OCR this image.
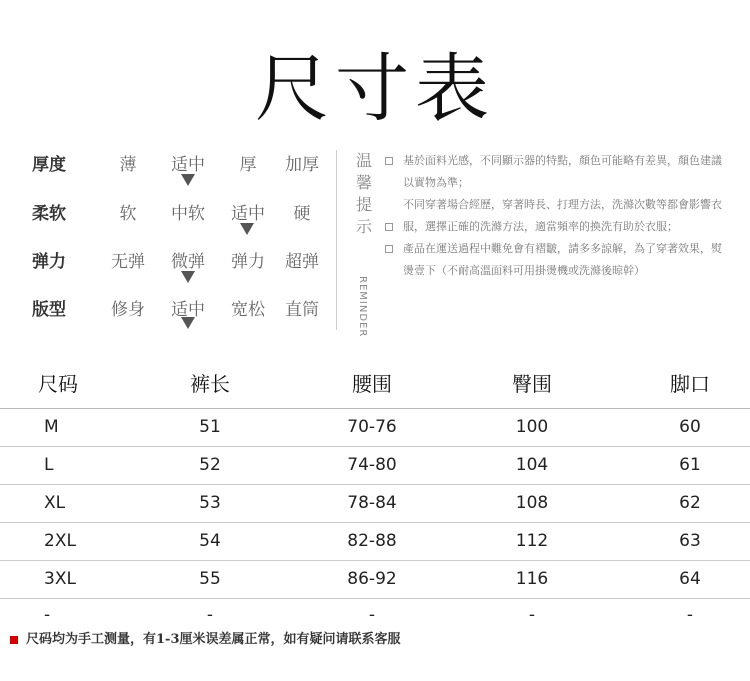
尺寸表
厚度	薄	适中	厚	加厚
柔软	软	中软	适中	硬
弹力	无弹	微弹	弹力	超弹
版型	修身	适中	宽松	直筒
温
馨
提
示
REMINDER
基於面料光感，不同顯示器的特點，顏色可能略有差異，顏色建議以實物為準；
不同穿著場合經歷，穿著時長、打理方法，洗滌次數等都會影響衣服，選擇正確的洗滌方法，適當頻率的換洗有助於衣服；
產品在運送過程中難免會有褶皺，請多多諒解，為了穿著效果，熨燙壹下（不耐高溫面料可用掛燙機或洗滌後晾幹）
尺码	裤长	腰围	臀围	脚口
M	51	70-76	100	60
L	52	74-80	104	61
XL	53	78-84	108	62
2XL	54	82-88	112	63
3XL	55	86-92	116	64
-	-	-	-	-
尺码均为手工测量，有1-3厘米误差属正常，如有疑问请联系客服
